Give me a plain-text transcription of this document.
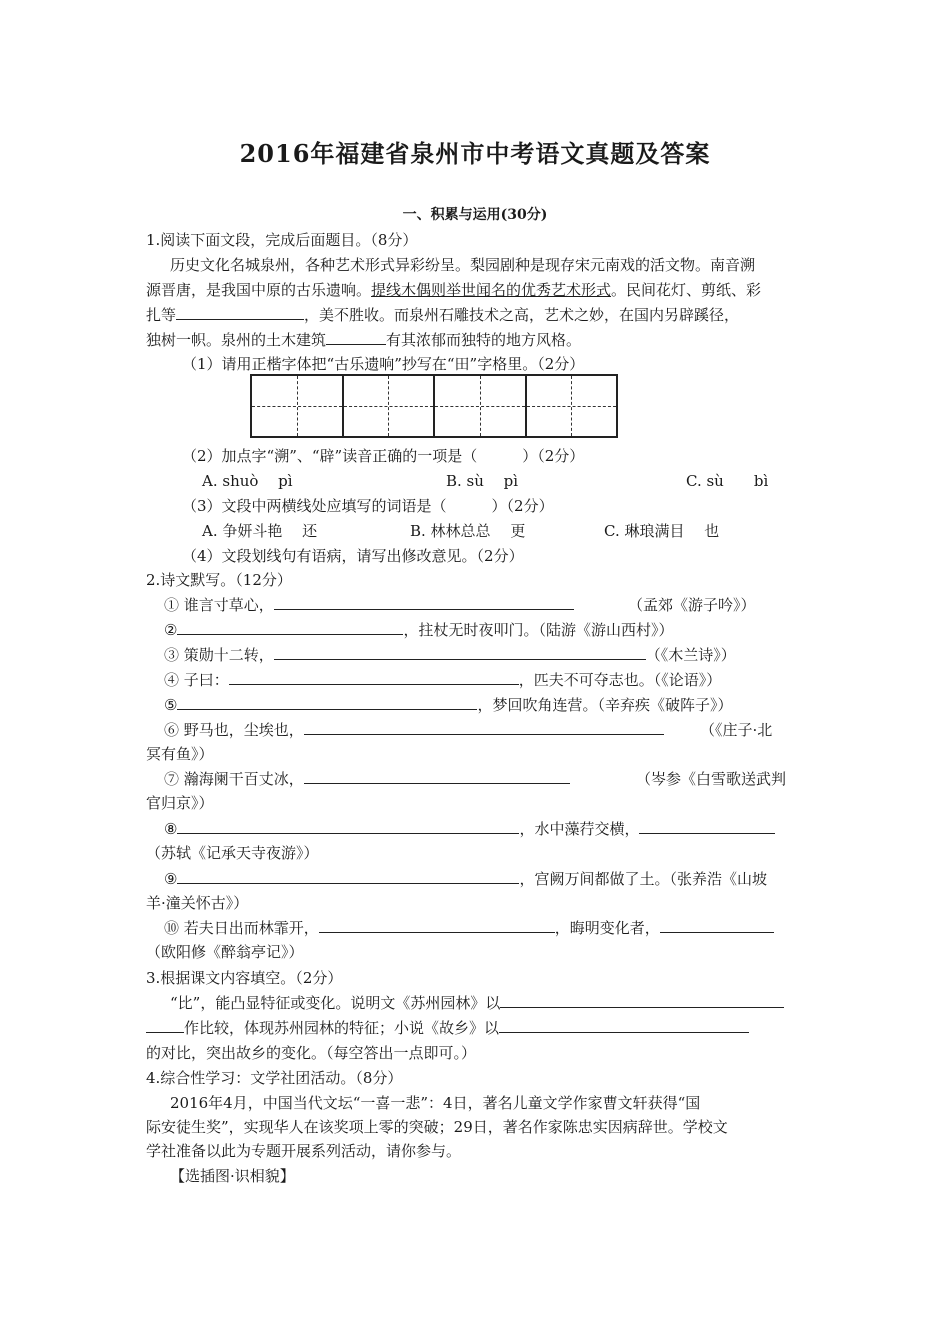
2016年福建省泉州市中考语文真题及答案
一、积累与运用(30分)
1.阅读下面文段，完成后面题目。（8分）
历史文化名城泉州，各种艺术形式异彩纷呈。梨园剧种是现存宋元南戏的活文物。南音溯
源晋唐，是我国中原的古乐遗响。提线木偶则举世闻名的优秀艺术形式。民间花灯、剪纸、彩
扎等	，美不胜收。而泉州石雕技术之高，艺术之妙，在国内另辟蹊径，
独树一帜。泉州的土木建筑	有其浓郁而独特的地方风格。
（1）请用正楷字体把“古乐遗响”抄写在“田”字格里。（2分）
（2）加点字“溯”、“辟”读音正确的一项是（　　　）（2分）
A. shuò　 pì	B. sù　 pì	C. sù　　bì
（3）文段中两横线处应填写的词语是（　　　）（2分）
A. 争妍斗艳　 还	B. 林林总总　 更	C. 琳琅满目　 也
（4）文段划线句有语病，请写出修改意见。（2分）
2.诗文默写。（12分）
① 谁言寸草心，	（孟郊《游子吟》）
②	，拄杖无时夜叩门。（陆游《游山西村》）
③ 策勋十二转，	（《木兰诗》）
④ 子曰：	，匹夫不可夺志也。（《论语》）
⑤	，梦回吹角连营。（辛弃疾《破阵子》）
⑥ 野马也，尘埃也，	（《庄子·北
冥有鱼》）
⑦ 瀚海阑干百丈冰，	（岑参《白雪歌送武判
官归京》）
⑧	，水中藻荇交横，
（苏轼《记承天寺夜游》）
⑨	，宫阙万间都做了土。（张养浩《山坡
羊·潼关怀古》）
⑩ 若夫日出而林霏开，	，晦明变化者，
（欧阳修《醉翁亭记》）
3.根据课文内容填空。（2分）
“比”，能凸显特征或变化。说明文《苏州园林》以
作比较，体现苏州园林的特征；小说《故乡》以
的对比，突出故乡的变化。（每空答出一点即可。）
4.综合性学习：文学社团活动。（8分）
2016年4月，中国当代文坛“一喜一悲”：4日，著名儿童文学作家曹文轩获得“国
际安徒生奖”，实现华人在该奖项上零的突破；29日，著名作家陈忠实因病辞世。学校文
学社准备以此为专题开展系列活动，请你参与。
【选插图·识相貌】
